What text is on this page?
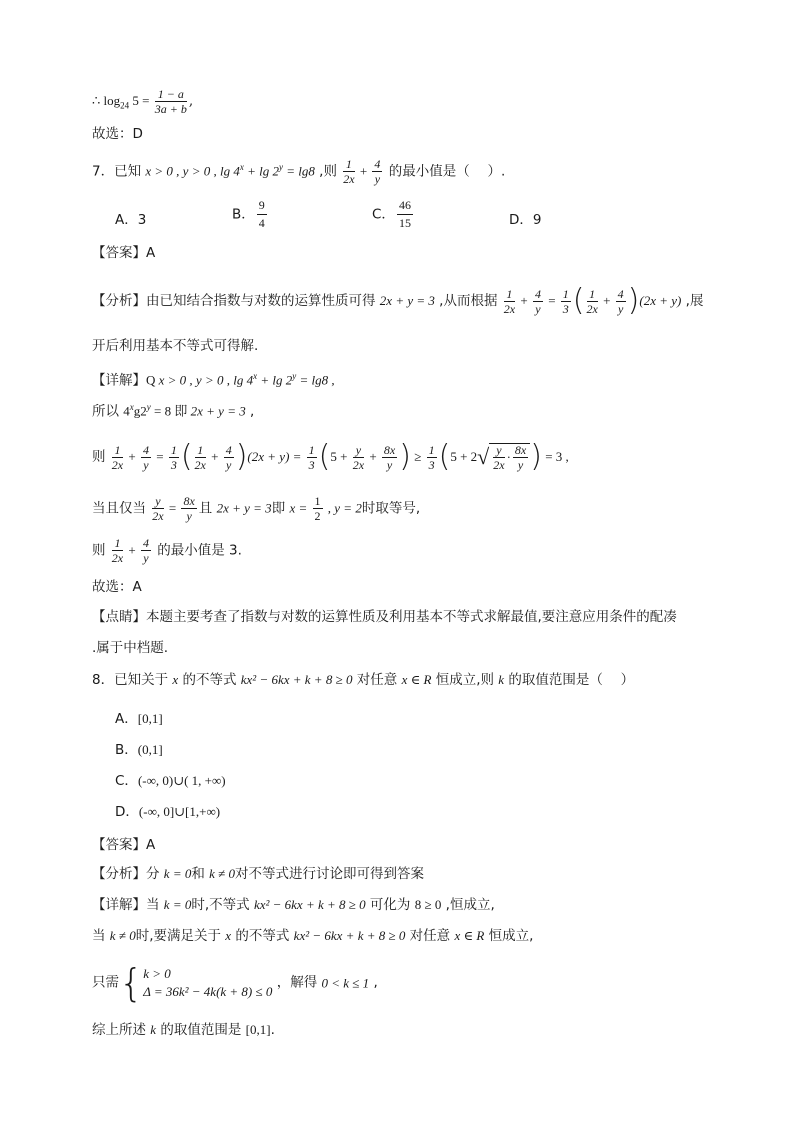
∴ $\log_{24} 5 = \frac{1 - a}{3a + b}$ ,
故选：D
7．已知 x > 0 , y > 0 , $\lg 4^x + \lg 2^y = \lg 8$ ,则 $\frac{1}{2x} + \frac{4}{y}$ 的最小值是（　 ）.
A．3	B． $\frac{9}{4}$	C． $\frac{46}{15}$	D．9
【答案】A
【分析】由已知结合指数与对数的运算性质可得 2x + y = 3 ,从而根据 $\frac{1}{2x} + \frac{4}{y} = \frac{1}{3}$ ( $\frac{1}{2x} + \frac{4}{y} )(2x + y)$ ,展
开后利用基本不等式可得解.
【详解】Q x > 0 , y > 0 , $\lg 4^x + \lg 2^y = \lg 8$ ,
所以 $4^xg2^y = 8$ 即 2x + y = 3 ,
则 $\frac{1}{2x} + \frac{4}{y} = \frac{1}{3}$ ( $\frac{1}{2x} + \frac{4}{y} )(2x + y) = \frac{1}{3} (5 + \frac{y}{2x} + \frac{8x}{y}$ ) ≥ $\frac{1}{3} (5 + 2√ \frac{y}{2x} \cdot \frac{8x}{y}$ ) = 3 ,
当且仅当 $\frac{y}{2x} = \frac{8x}{y}$ 且 2x + y = 3即 $x = \frac{1}{2}$ , y = 2时取等号,
则 $\frac{1}{2x} + \frac{4}{y}$ 的最小值是 3.
故选：A
【点睛】本题主要考查了指数与对数的运算性质及利用基本不等式求解最值,要注意应用条件的配凑
.属于中档题.
8．已知关于 x 的不等式 kx² − 6kx + k + 8 ≥ 0 对任意 x ∈ R 恒成立,则 k 的取值范围是（　 ）
A．[0,1]
B．(0,1]
C．(-∞, 0)∪( 1, +∞)
D．(-∞, 0]∪[1,+∞)
【答案】A
【分析】分 k = 0和 k ≠ 0对不等式进行讨论即可得到答案
【详解】当 k = 0时,不等式 kx² − 6kx + k + 8 ≥ 0 可化为 8 ≥ 0 ,恒成立,
当 k ≠ 0时,要满足关于 x 的不等式 kx² − 6kx + k + 8 ≥ 0 对任意 x ∈ R 恒成立,
只需{ k > 0
Δ = 36k² − 4k(k + 8) ≤ 0
，解得 0 < k ≤ 1 ,
综上所述 k 的取值范围是 [0,1].
